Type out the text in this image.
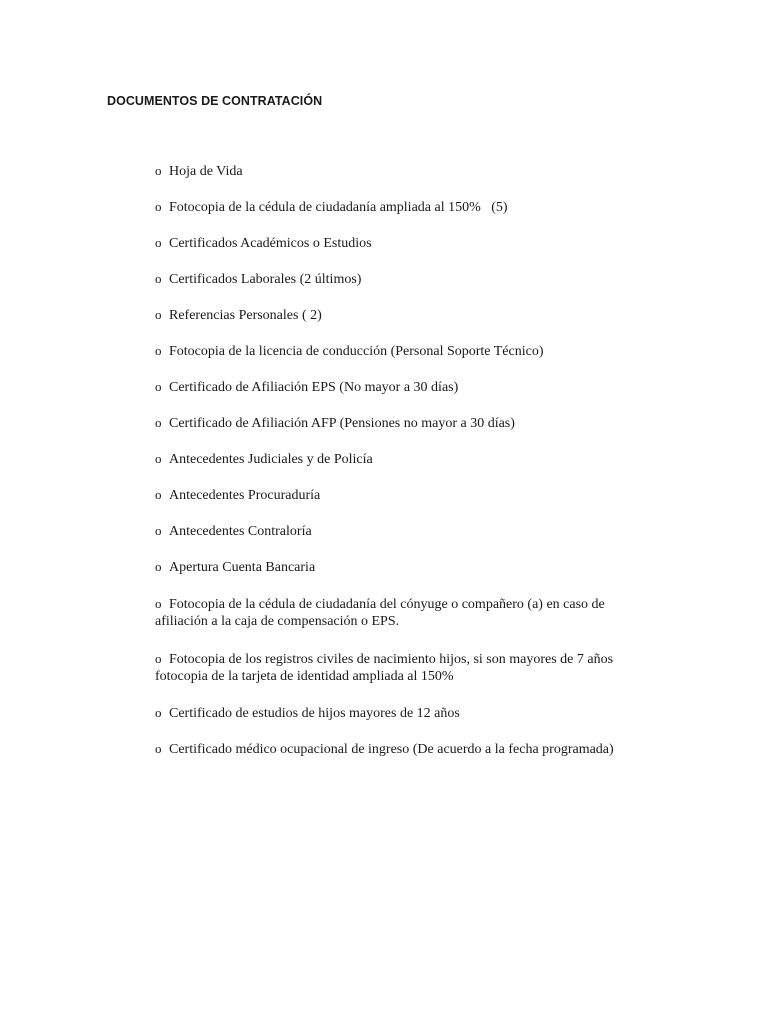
DOCUMENTOS DE CONTRATACIÓN
o Hoja de Vida
o Fotocopia de la cédula de ciudadanía ampliada al 150%   (5)
o Certificados Académicos o Estudios
o Certificados Laborales (2 últimos)
o Referencias Personales ( 2)
o Fotocopia de la licencia de conducción (Personal Soporte Técnico)
o Certificado de Afiliación EPS (No mayor a 30 días)
o Certificado de Afiliación AFP (Pensiones no mayor a 30 días)
o Antecedentes Judiciales y de Policía
o Antecedentes Procuraduría
o Antecedentes Contraloría
o Apertura Cuenta Bancaria
o Fotocopia de la cédula de ciudadanía del cónyuge o compañero (a) en caso de
afiliación a la caja de compensación o EPS.
o Fotocopia de los registros civiles de nacimiento hijos, si son mayores de 7 años
fotocopia de la tarjeta de identidad ampliada al 150%
o Certificado de estudios de hijos mayores de 12 años
o Certificado médico ocupacional de ingreso (De acuerdo a la fecha programada)
